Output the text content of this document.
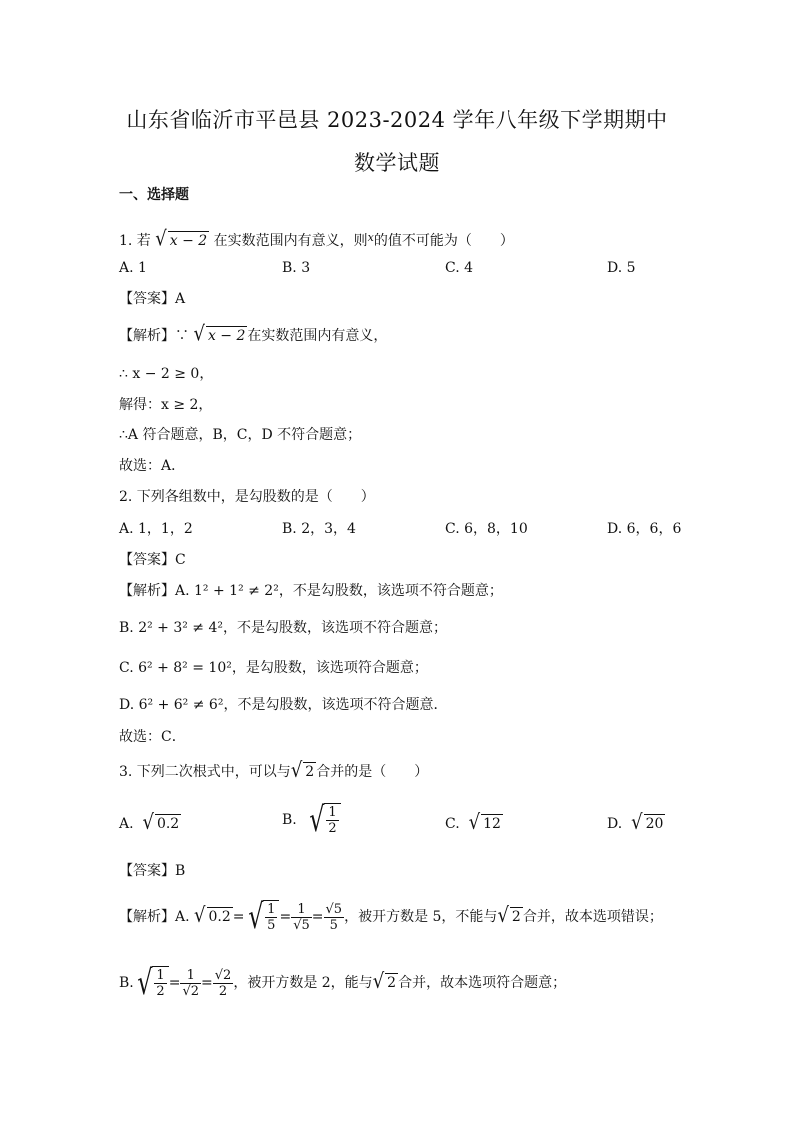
山东省临沂市平邑县 2023-2024 学年八年级下学期期中
数学试题
一、选择题
1. 若 √ x − 2 在实数范围内有意义，则$^x$的值不可能为（　　）
A. 1	B. 3	C. 4	D. 5
【答案】A
【解析】∵ √ x − 2 在实数范围内有意义，
∴ x − 2 ≥ 0，
解得：x ≥ 2，
∴A 符合题意，B，C，D 不符合题意；
故选：A．
2. 下列各组数中，是勾股数的是（　　）
A. 1，1，2	B. 2，3，4	C. 6，8，10	D. 6，6，6
【答案】C
【解析】A. 1² + 1² ≠ 2²，不是勾股数，该选项不符合题意；
B. 2² + 3² ≠ 4²，不是勾股数，该选项不符合题意；
C. 6² + 8² = 10²，是勾股数，该选项符合题意；
D. 6² + 6² ≠ 6²，不是勾股数，该选项不符合题意．
故选：C．
3. 下列二次根式中，可以与√ 2 合并的是（　　）
A. √ 0.2	B. √ $\frac{1}{2}$	C. √ 12	D. √ 20
【答案】B
【解析】A.
√ 0.2 = √ $\frac{1}{5} = \frac{1}{√5} = \frac{√5}{5}$ ，被开方数是 5，不能与 √ 2 合并，故本选项错误；
B. √ $\frac{1}{2} = \frac{1}{√2} = \frac{√2}{2}$ ，被开方数是 2，能与 √ 2 合并，故本选项符合题意；
